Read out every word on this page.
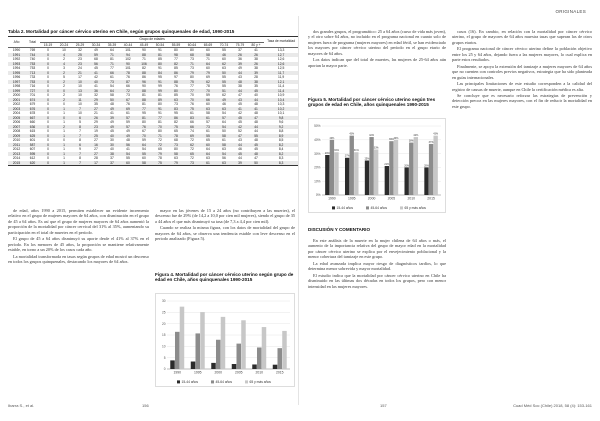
ORIGINALES
Tabla 2. Mortalidad por cáncer cérvico uterino en Chile, según grupos quinquenales de edad, 1990-2015
Año	Total	Grupo de edades														Tasa de mortalidad
		15-19	20-24	25-29	30-34	35-39	40-44	45-49	50-54	55-59	60-64	65-69	70-74	75-79	80 y +	
1990	769	0	10	32	49	64	101	90	91	80	80	60	55	37	41	13,3
1991	744	0	4	25	59	71	94	88	81	98	68	58	46	26	26	12,7
1992	740	0	2	23	68	81	102	71	85	77	73	71	60	36	38	12,6
1993	753	0	4	23	56	71	90	106	80	82	71	64	62	39	26	12,6
1994	753	0	3	24	45	77	101	82	91	85	73	60	63	49	38	12,5
1995	713	0	2	21	41	66	78	88	84	86	79	79	50	44	39	11,7
1996	733	0	5	17	42	61	76	86	95	97	80	69	55	43	28	11,9
1997	753	0	2	10	40	73	87	96	91	88	75	62	55	48	38	12,1
1998	716	0	2	10	41	54	66	90	99	76	77	78	55	38	35	11,4
1999	727	0	0	13	36	64	72	88	99	80	77	70	51	44	45	11,4
2000	701	0	2	10	32	58	73	81	81	85	70	59	62	47	40	10,9
2001	674	0	2	11	29	50	67	88	89	63	70	66	49	43	44	10,4
2002	679	0	0	10	35	48	76	81	80	73	76	60	46	45	48	10,3
2003	676	0	1	7	27	49	69	77	91	83	75	63	63	41	41	10,2
2004	678	0	1	10	21	41	61	95	91	95	61	58	54	42	48	10,1
2005	667	0	0	6	26	39	57	81	77	86	83	61	57	45	47	9,8
2006	660	0	1	5	29	49	59	80	81	82	66	57	64	45	48	9,6
2007	636	0	2	8	23	49	57	76	70	75	66	73	54	42	44	9,2
2008	615	0	1	7	19	45	49	67	80	65	74	61	50	52	44	8,8
2009	625	0	1	7	25	40	49	70	71	78	69	55	58	47	55	8,9
2010	601	0	0	8	27	30	48	59	72	68	72	65	61	43	48	8,5
2011	587	0	1	6	16	30	56	64	72	73	62	60	58	44	45	8,2
2012	607	0	1	9	27	40	41	54	65	80	72	64	63	46	45	8,4
2013	595	0	1	7	27	38	54	55	79	58	65	64	54	45	48	8,2
2014	612	0	1	8	28	37	55	60	78	63	72	63	56	44	47	8,3
2015	620	0	1	7	17	37	60	58	75	79	73	61	63	39	50	8,3

de edad, años 1990 a 2015, permiten establecer un evidente incremento relativo en el grupo de mujeres mayores de 64 años, con disminución en el grupo de 45 a 64 años. Es así que el grupo de mujeres mayores de 64 años aumentó la proporción de la mortalidad por cáncer cervical del 31% al 35%, aumentando su participación en el total de muertes en el período.

El grupo de 45 a 64 años disminuyó su aporte desde el 41% al 37% en el período. En los menores de 45 años, la proporción se mantiene relativamente estable, en torno a un 20% de los casos cada año.

La mortalidad transformada en tasas según grupos de edad mostró un descenso en todos los grupos quinquenales, destacando los mayores de 64 años.

mayor en las jóvenes de 15 a 24 años (no contribuyen a las muertes), el descenso fue de 29% (de 14,2 a 10,0 por cien mil mujeres), siendo el grupo de 35 a 44 años el que más disminuyó su tasa (de 7,3 a 4,4 por cien mil).

Cuando se realiza la misma figura, con los datos de mortalidad del grupo de mayores de 64 años, se observa una tendencia estable con leve descenso en el periodo analizado (Figura 5).

Figura 4. Mortalidad por cáncer cérvico uterino según grupo de edad en Chile, años quinquenales 1990-2015
0
5
10
15
20
25
30
1990	1995	2000	2005	2010	2015
15-44 años	45-64 años	65 y más años

dos grandes grupos, el programático: 25 a 64 años (curso de vida más joven), y el otro sobre 64 años, no incluido en el programa nacional en cuanto solo de mujeres fuera de programa (mujeres mayores) en edad fértil, se han evidenciado los mayores por cáncer cérvico uterino del período en el grupo etario de mayores de 64 años.

Los datos indican que del total de muertes, las mujeres de 25-64 años aún aportan la mayor parte.

Figura 5. Mortalidad por cáncer cérvico uterino según tres grupos de edad en Chile, años quinquenales 1990-2015
0%
10%
20%
30%
40%
50%
1990
29%
40%
31%
1995
27%
43%
31%
2000
25%
42%
33%
2005
21%
39% 40%
2010
20%
38%
42%
2015
20%
37%
43%
15-44 años	45-64 años	65 y más años
DISCUSIÓN Y COMENTARIO

En este análisis de la muerte en la mujer chilena de 64 años o más, el aumento de la importancia relativa del grupo de mayor edad en la mortalidad por cáncer cérvico uterino se explica por el envejecimiento poblacional y la menor cobertura del tamizaje en este grupo.

La edad avanzada implica mayor riesgo de diagnósticos tardíos, lo que determina menor sobrevida y mayor mortalidad.

El estudio indica que la mortalidad por cáncer cérvico uterino en Chile ha disminuido en las últimas dos décadas en todos los grupos, pero con menor intensidad en las mujeres mayores.

casos (16). En cambio, en relación con la mortalidad por cáncer cérvico uterino, el grupo de mayores de 64 años muestra tasas que superan las de otros grupos etarios.

El programa nacional de cáncer cérvico uterino define la población objetivo entre los 25 y 64 años, dejando fuera a las mujeres mayores, lo cual explica en parte estos resultados.

Finalmente, se apoya la extensión del tamizaje a mujeres mayores de 64 años que no cuenten con controles previos negativos, estrategia que ha sido planteada en guías internacionales.

Las principales limitaciones de este estudio corresponden a la calidad del registro de causas de muerte, aunque en Chile la certificación médica es alta.

Se concluye que es necesario reforzar las estrategias de prevención y detección precoz en las mujeres mayores, con el fin de reducir la mortalidad en este grupo.

Ibarra S., et al.	156	157	Cuad Méd Soc (Chile) 2018, 58 (4): 153-161
